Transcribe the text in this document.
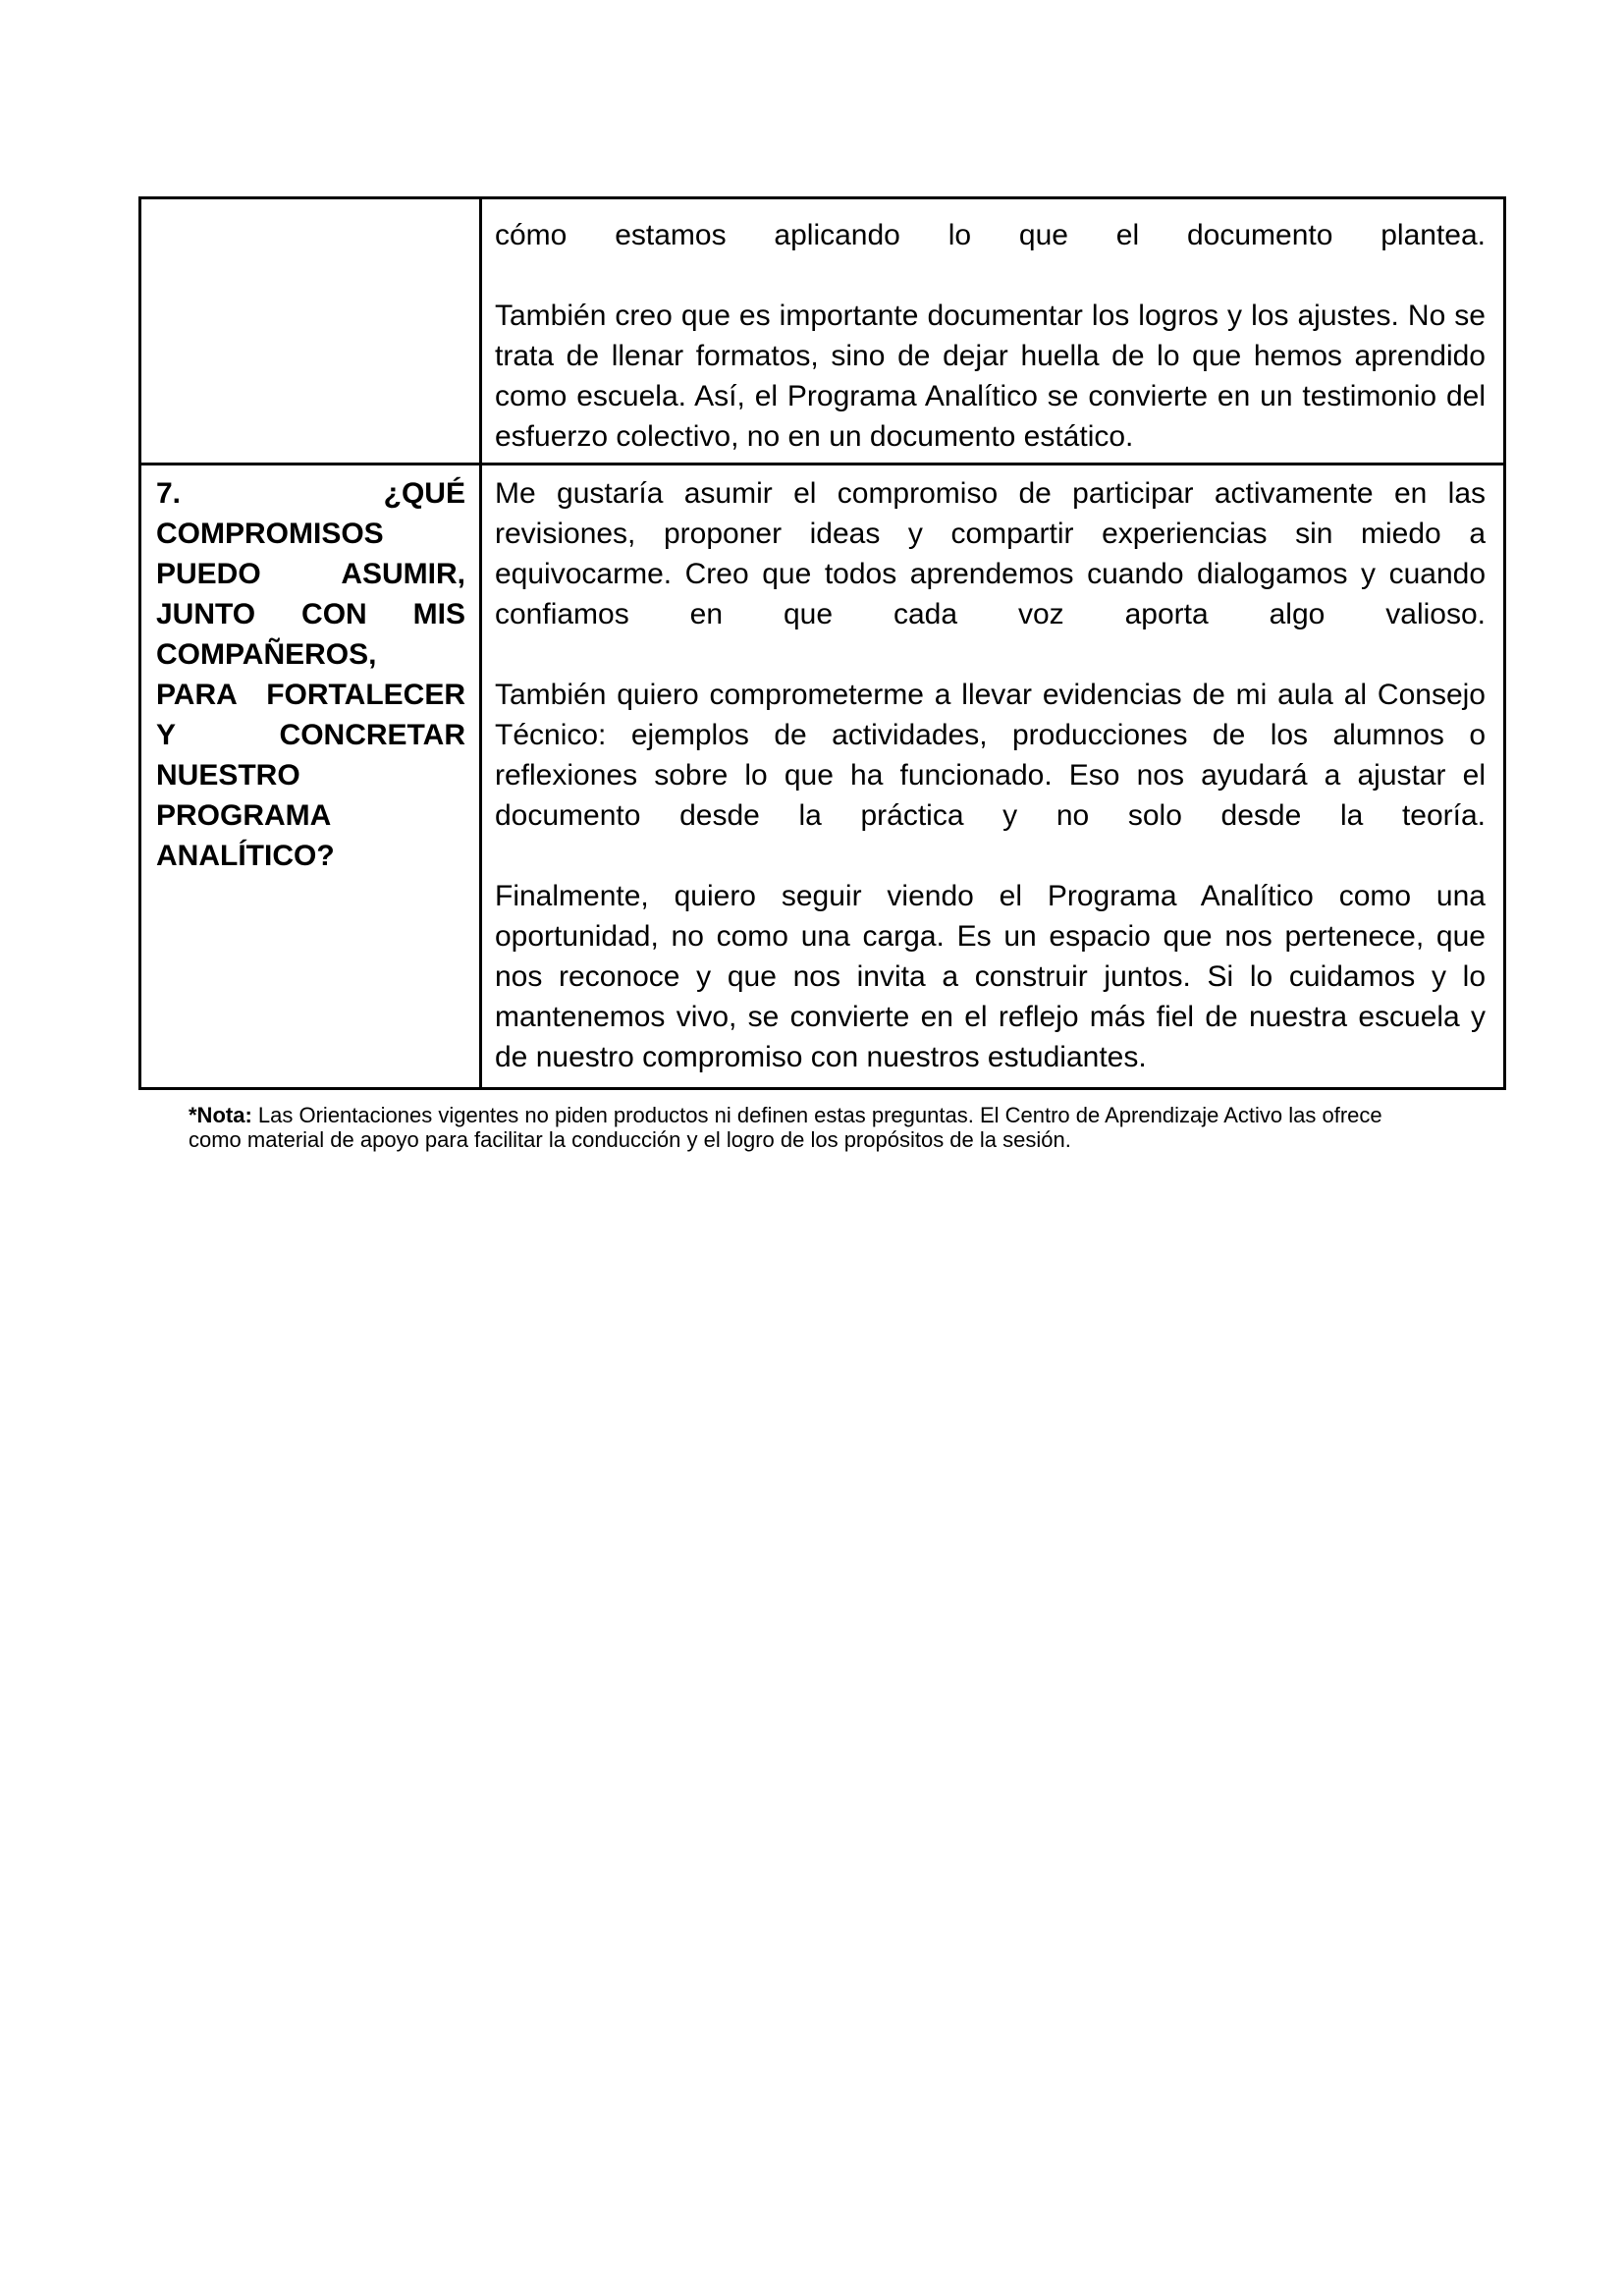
	cómo estamos aplicando lo que el documento plantea.

También creo que es importante documentar los logros y los ajustes. No se trata de llenar formatos, sino de dejar huella de lo que hemos aprendido como escuela. Así, el Programa Analítico se convierte en un testimonio del esfuerzo colectivo, no en un documento estático.

7. ¿QUÉ COMPROMISOS PUEDO ASUMIR, JUNTO CON MIS COMPAÑEROS, PARA FORTALECER Y CONCRETAR NUESTRO PROGRAMA ANALÍTICO?	Me gustaría asumir el compromiso de participar activamente en las revisiones, proponer ideas y compartir experiencias sin miedo a equivocarme. Creo que todos aprendemos cuando dialogamos y cuando confiamos en que cada voz aporta algo valioso.

También quiero comprometerme a llevar evidencias de mi aula al Consejo Técnico: ejemplos de actividades, producciones de los alumnos o reflexiones sobre lo que ha funcionado. Eso nos ayudará a ajustar el documento desde la práctica y no solo desde la teoría.

Finalmente, quiero seguir viendo el Programa Analítico como una oportunidad, no como una carga. Es un espacio que nos pertenece, que nos reconoce y que nos invita a construir juntos. Si lo cuidamos y lo mantenemos vivo, se convierte en el reflejo más fiel de nuestra escuela y de nuestro compromiso con nuestros estudiantes.

*Nota: Las Orientaciones vigentes no piden productos ni definen estas preguntas. El Centro de Aprendizaje Activo las ofrece como material de apoyo para facilitar la conducción y el logro de los propósitos de la sesión.
